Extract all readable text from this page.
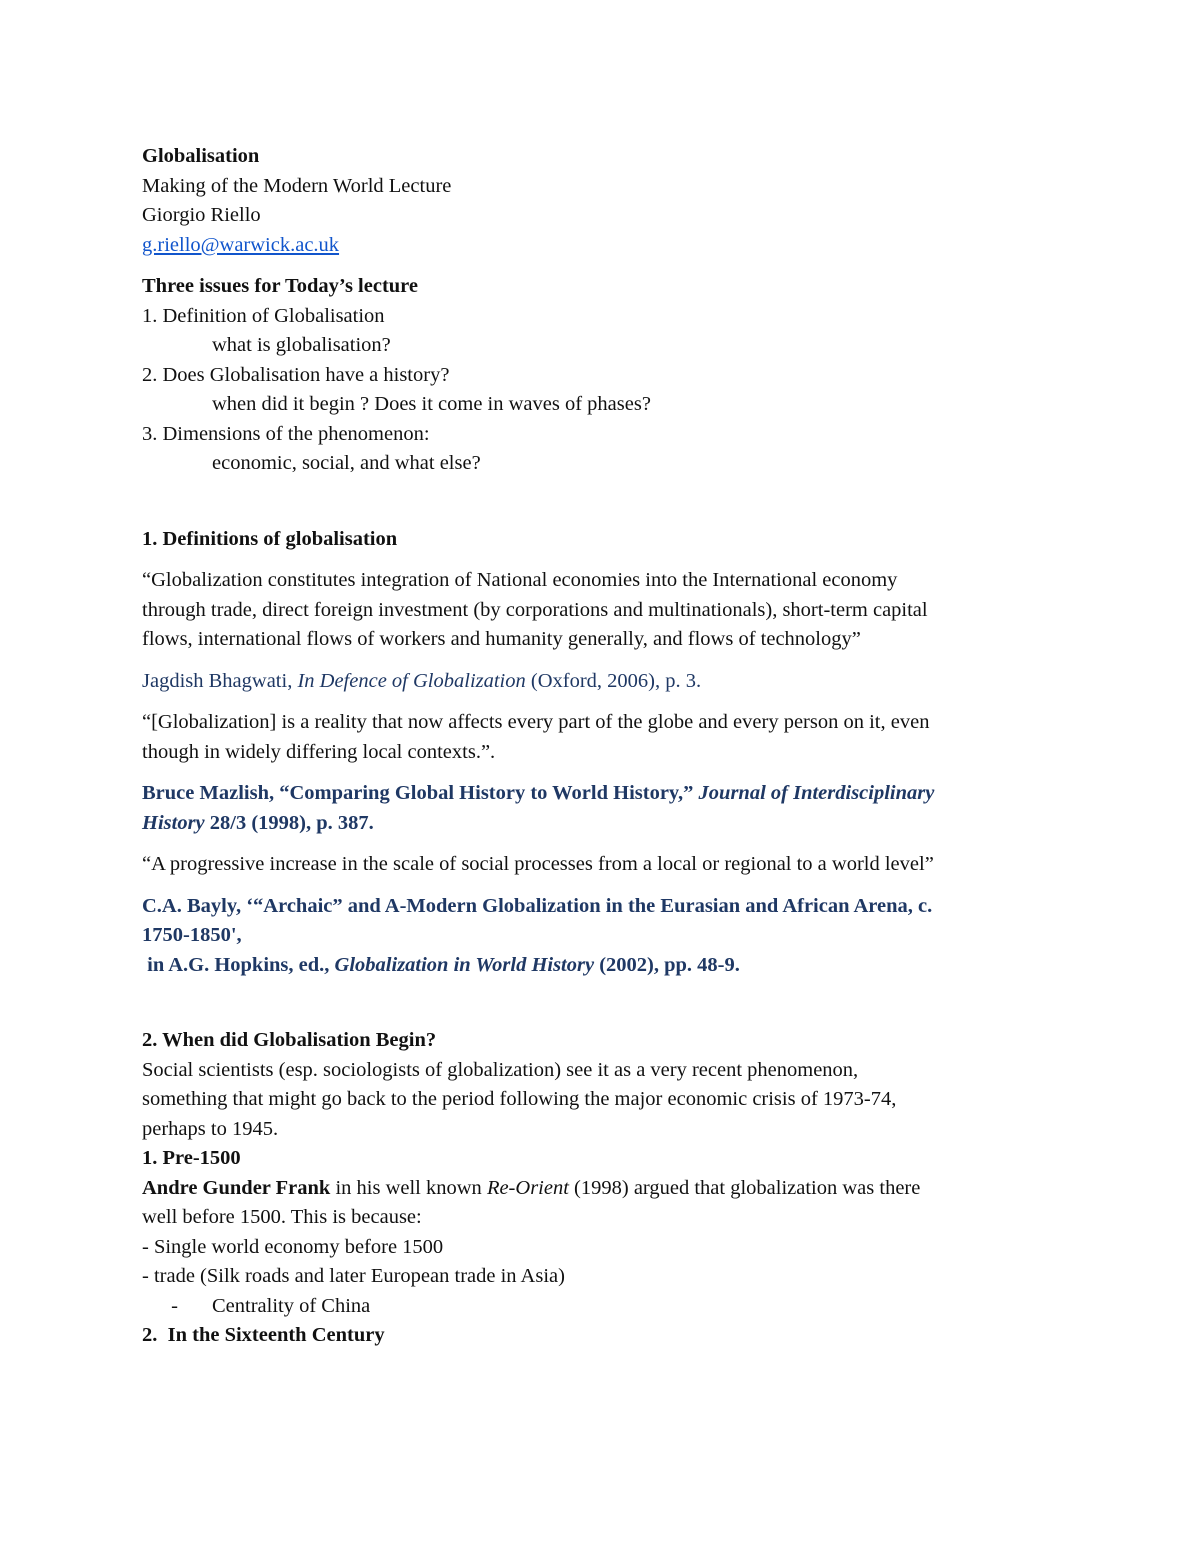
Globalisation
Making of the Modern World Lecture
Giorgio Riello
g.riello@warwick.ac.uk
Three issues for Today’s lecture
1. Definition of Globalisation
what is globalisation?
2. Does Globalisation have a history?
when did it begin ? Does it come in waves of phases?
3. Dimensions of the phenomenon:
economic, social, and what else?
1. Definitions of globalisation
“Globalization constitutes integration of National economies into the International economy
through trade, direct foreign investment (by corporations and multinationals), short-term capital
flows, international flows of workers and humanity generally, and flows of technology”
Jagdish Bhagwati, In Defence of Globalization (Oxford, 2006), p. 3.
“[Globalization] is a reality that now affects every part of the globe and every person on it, even
though in widely differing local contexts.”.
Bruce Mazlish, “Comparing Global History to World History,” Journal of Interdisciplinary
History 28/3 (1998), p. 387.
“A progressive increase in the scale of social processes from a local or regional to a world level”
C.A. Bayly, ‘“Archaic” and A-Modern Globalization in the Eurasian and African Arena, c.
1750-1850',
in A.G. Hopkins, ed., Globalization in World History (2002), pp. 48-9.
2. When did Globalisation Begin?
Social scientists (esp. sociologists of globalization) see it as a very recent phenomenon,
something that might go back to the period following the major economic crisis of 1973-74,
perhaps to 1945.
1. Pre-1500
Andre Gunder Frank in his well known Re-Orient (1998) argued that globalization was there
well before 1500. This is because:
- Single world economy before 1500
- trade (Silk roads and later European trade in Asia)
-	Centrality of China
2.  In the Sixteenth Century
